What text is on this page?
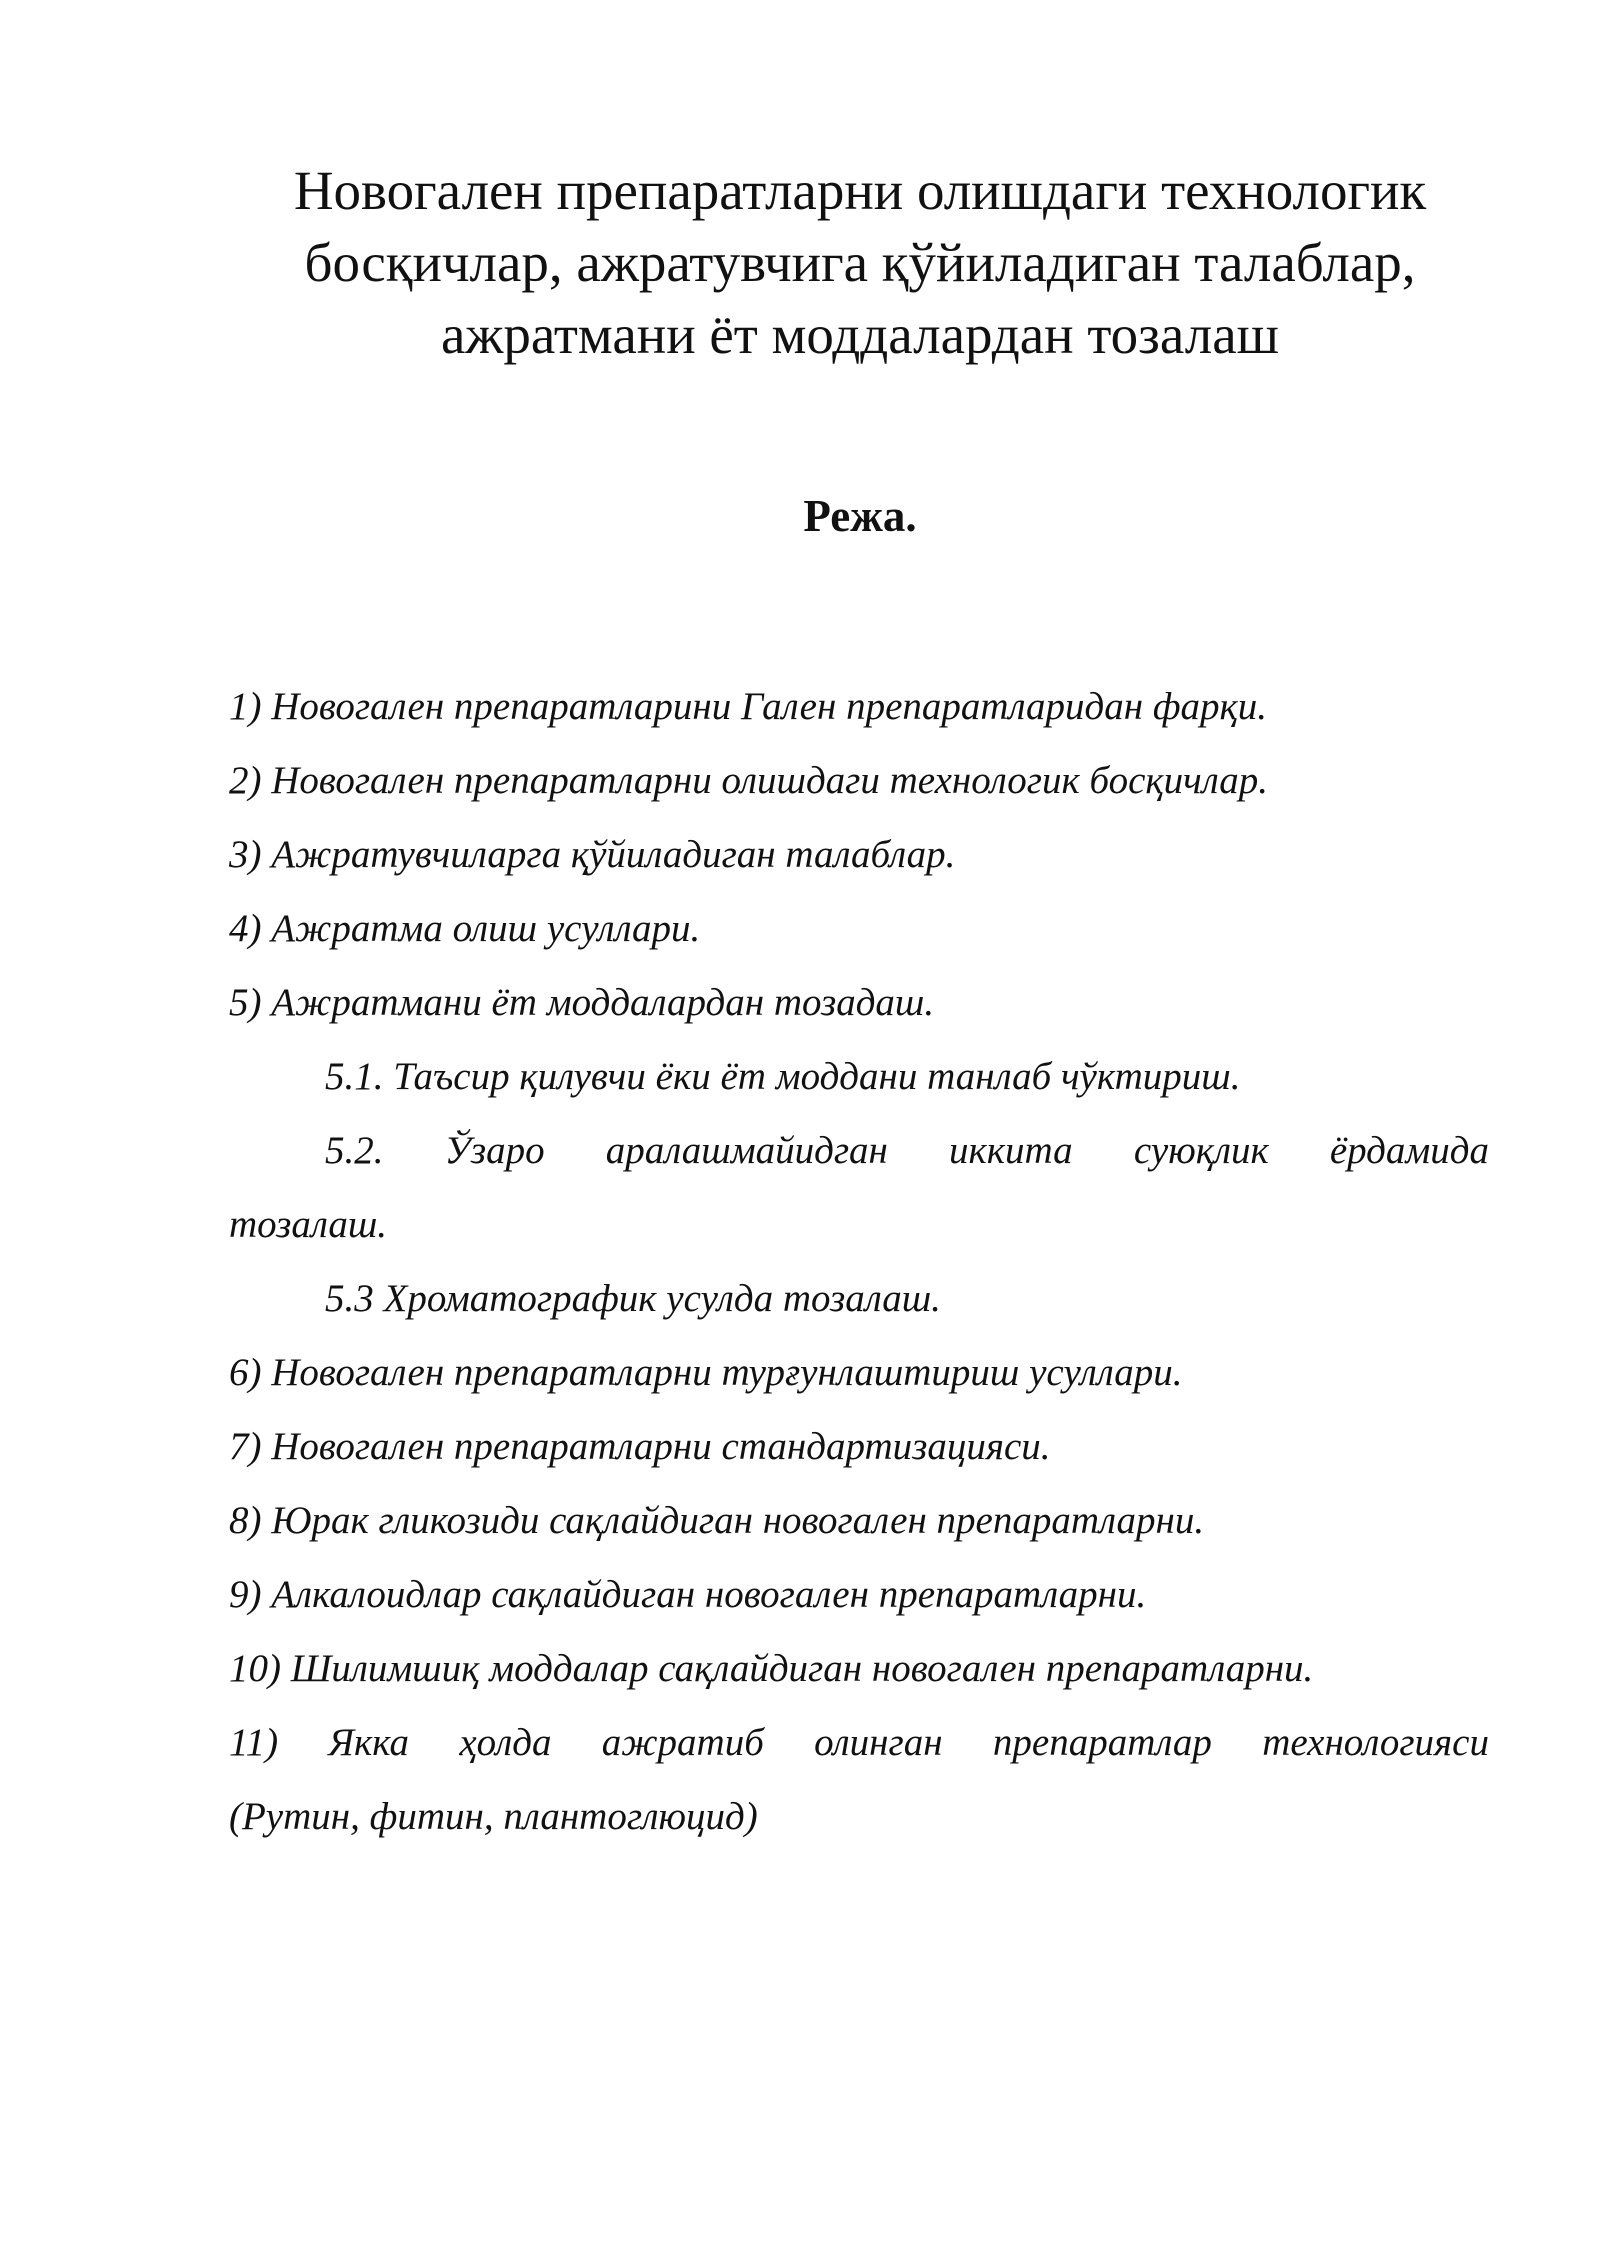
Новогален препаратларни олишдаги технологик
босқичлар, ажратувчига қўйиладиган талаблар,
ажратмани ёт моддалардан тозалаш
Режа.
1) Новогален препаратларини Гален препаратларидан фарқи.
2) Новогален препаратларни олишдаги технологик босқичлар.
3) Ажратувчиларга қўйиладиган талаблар.
4) Ажратма олиш усуллари.
5) Ажратмани ёт моддалардан тозадаш.
5.1. Таъсир қилувчи ёки ёт моддани танлаб чўктириш.
5.2. Ўзаро аралашмайидган иккита суюқлик ёрдамида
тозалаш.
5.3 Хроматографик усулда тозалаш.
6) Новогален препаратларни турғунлаштириш усуллари.
7) Новогален препаратларни стандартизацияси.
8) Юрак гликозиди сақлайдиган новогален препаратларни.
9) Алкалоидлар сақлайдиган новогален препаратларни.
10) Шилимшиқ моддалар сақлайдиган новогален препаратларни.
11) Якка ҳолда ажратиб олинган препаратлар технологияси
(Рутин, фитин, плантоглюцид)
